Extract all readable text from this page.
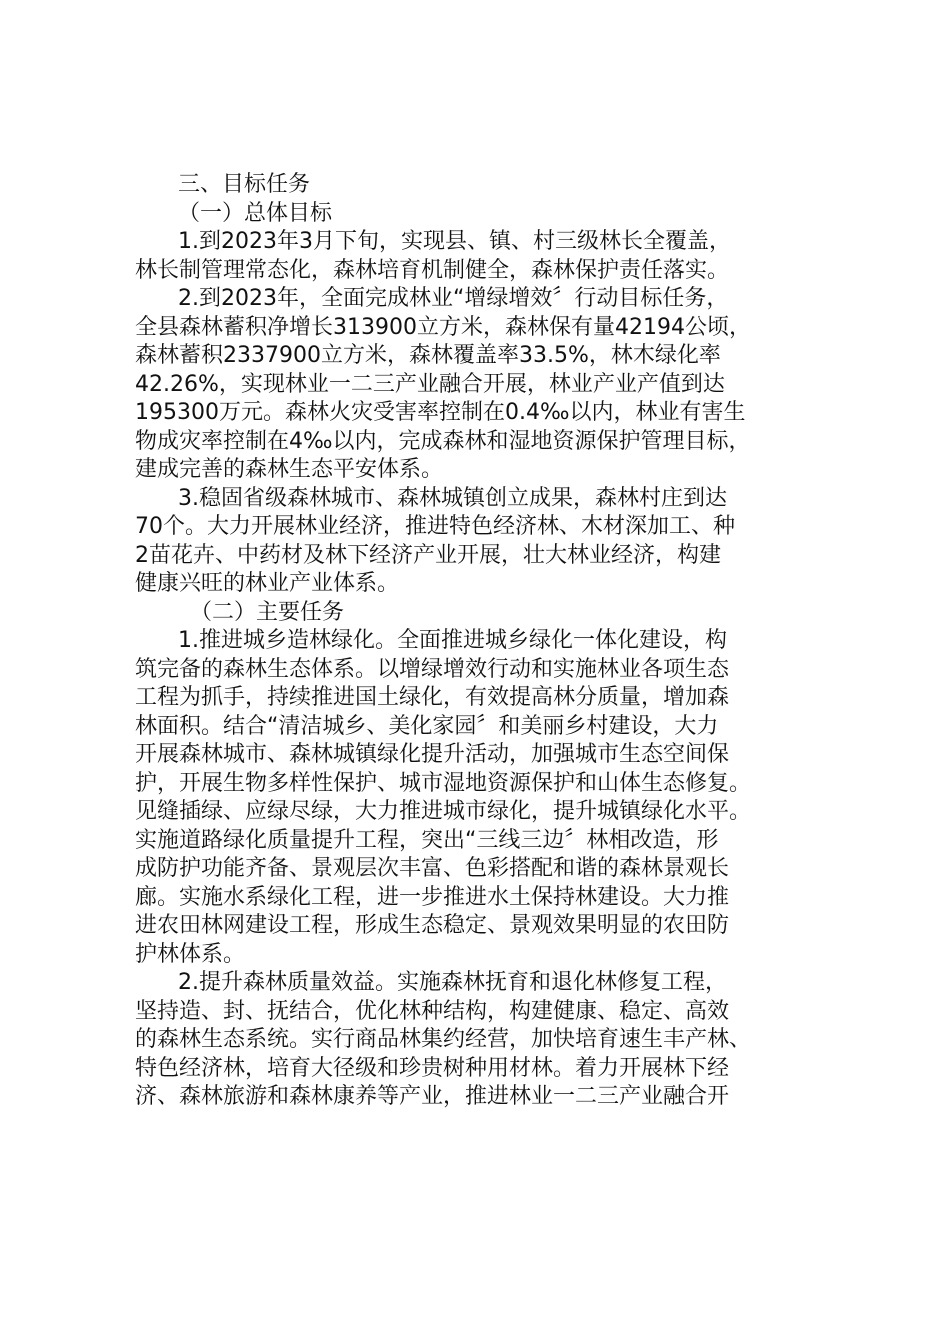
三、目标任务
（一）总体目标
1.到2023年3月下旬，实现县、镇、村三级林长全覆盖，
林长制管理常态化，森林培育机制健全，森林保护责任落实。
2.到2023年，全面完成林业“增绿增效〞行动目标任务，
全县森林蓄积净增长313900立方米，森林保有量42194公顷，
森林蓄积2337900立方米，森林覆盖率33.5%，林木绿化率
42.26%，实现林业一二三产业融合开展，林业产业产值到达
195300万元。森林火灾受害率控制在0.4‰以内，林业有害生
物成灾率控制在4‰以内，完成森林和湿地资源保护管理目标，
建成完善的森林生态平安体系。
3.稳固省级森林城市、森林城镇创立成果，森林村庄到达
70个。大力开展林业经济，推进特色经济林、木材深加工、种
2苗花卉、中药材及林下经济产业开展，壮大林业经济，构建
健康兴旺的林业产业体系。
（二）主要任务
1.推进城乡造林绿化。全面推进城乡绿化一体化建设，构
筑完备的森林生态体系。以增绿增效行动和实施林业各项生态
工程为抓手，持续推进国土绿化，有效提高林分质量，增加森
林面积。结合“清洁城乡、美化家园〞和美丽乡村建设，大力
开展森林城市、森林城镇绿化提升活动，加强城市生态空间保
护，开展生物多样性保护、城市湿地资源保护和山体生态修复。
见缝插绿、应绿尽绿，大力推进城市绿化，提升城镇绿化水平。
实施道路绿化质量提升工程，突出“三线三边〞林相改造，形
成防护功能齐备、景观层次丰富、色彩搭配和谐的森林景观长
廊。实施水系绿化工程，进一步推进水土保持林建设。大力推
进农田林网建设工程，形成生态稳定、景观效果明显的农田防
护林体系。
2.提升森林质量效益。实施森林抚育和退化林修复工程，
坚持造、封、抚结合，优化林种结构，构建健康、稳定、高效
的森林生态系统。实行商品林集约经营，加快培育速生丰产林、
特色经济林，培育大径级和珍贵树种用材林。着力开展林下经
济、森林旅游和森林康养等产业，推进林业一二三产业融合开
